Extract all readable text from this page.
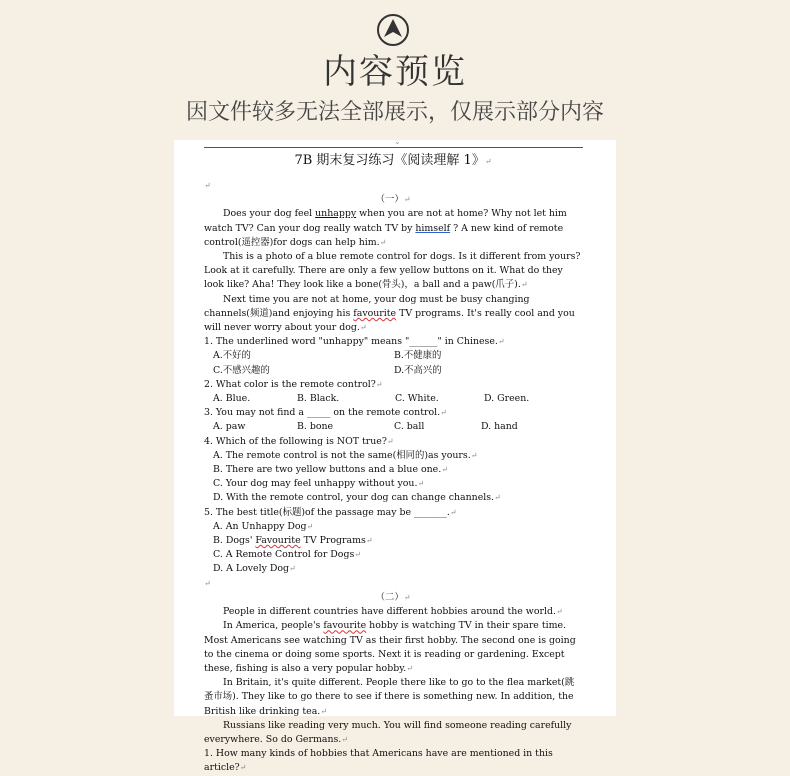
内容预览
因文件较多无法全部展示，仅展示部分内容
⌄
7B 期末复习练习《阅读理解 1》↵
↵
（一）↵
Does your dog feel unhappy when you are not at home? Why not let him watch TV? Can your dog really watch TV by himself ? A new kind of remote control(遥控器)for dogs can help him.↵
This is a photo of a blue remote control for dogs. Is it different from yours? Look at it carefully. There are only a few yellow buttons on it. What do they look like? Aha! They look like a bone(骨头)，a ball and a paw(爪子).↵
Next time you are not at home, your dog must be busy changing channels(频道)and enjoying his favourite TV programs. It's really cool and you will never worry about your dog.↵
1. The underlined word "unhappy" means "______" in Chinese.↵
A.不好的	B.不健康的
C.不感兴趣的	D.不高兴的
2. What color is the remote control?↵
A. Blue.	B. Black.	C. White.	D. Green.
3. You may not find a _____ on the remote control.↵
A. paw	B. bone	C. ball	D. hand
4. Which of the following is NOT true?↵
A. The remote control is not the same(相同的)as yours.↵
B. There are two yellow buttons and a blue one.↵
C. Your dog may feel unhappy without you.↵
D. With the remote control, your dog can change channels.↵
5. The best title(标题)of the passage may be _______.↵
A. An Unhappy Dog↵
B. Dogs' Favourite TV Programs↵
C. A Remote Control for Dogs↵
D. A Lovely Dog↵
↵
（二）↵
People in different countries have different hobbies around the world.↵
In America, people's favourite hobby is watching TV in their spare time. Most Americans see watching TV as their first hobby. The second one is going to the cinema or doing some sports. Next it is reading or gardening. Except these, fishing is also a very popular hobby.↵
In Britain, it's quite different. People there like to go to the flea market(跳蚤市场). They like to go there to see if there is something new. In addition, the British like drinking tea.↵
Russians like reading very much. You will find someone reading carefully everywhere. So do Germans.↵
1. How many kinds of hobbies that Americans have are mentioned in this article?↵
